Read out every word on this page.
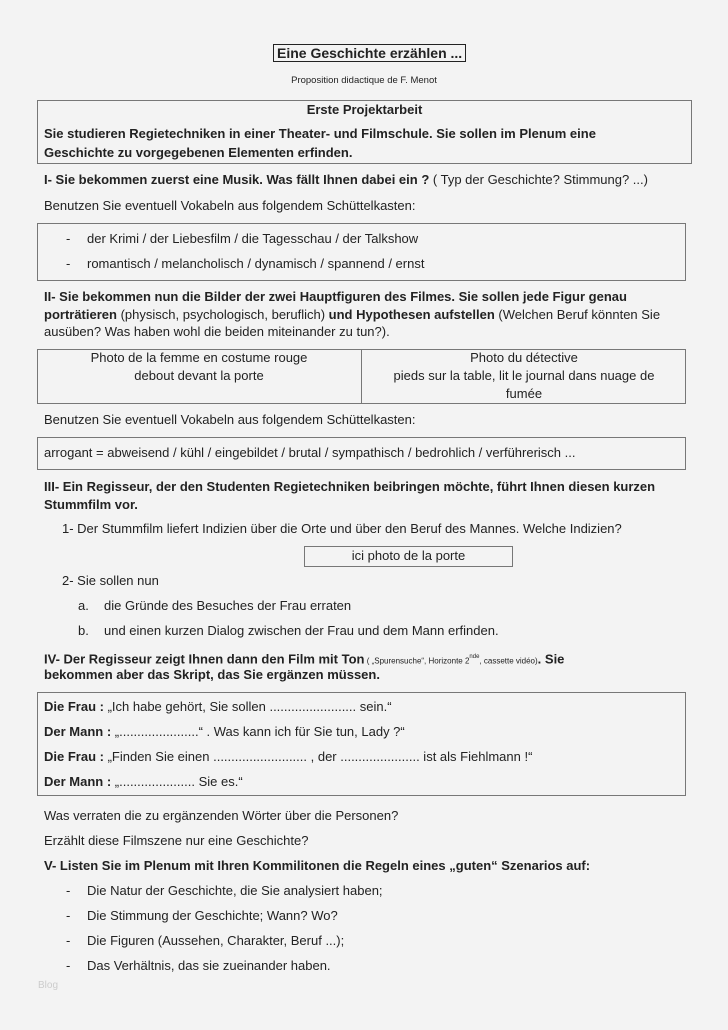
Eine Geschichte erzählen ...
Proposition didactique de F. Menot
Erste Projektarbeit
Sie studieren Regietechniken in einer Theater- und Filmschule. Sie sollen im Plenum eine
Geschichte zu vorgegebenen Elementen erfinden.
I- Sie bekommen zuerst eine Musik. Was fällt Ihnen dabei ein ? ( Typ der Geschichte? Stimmung? ...)
Benutzen Sie eventuell Vokabeln aus folgendem Schüttelkasten:
- der Krimi / der Liebesfilm / die Tagesschau / der Talkshow
- romantisch / melancholisch / dynamisch / spannend / ernst
II- Sie bekommen nun die Bilder der zwei Hauptfiguren des Filmes. Sie sollen jede Figur genau
porträtieren (physisch, psychologisch, beruflich) und Hypothesen aufstellen (Welchen Beruf könnten Sie
ausüben? Was haben wohl die beiden miteinander zu tun?).
Photo de la femme en costume rouge
debout devant la porte
Photo du détective
pieds sur la table, lit le journal dans nuage de
fumée
Benutzen Sie eventuell Vokabeln aus folgendem Schüttelkasten:
arrogant = abweisend / kühl / eingebildet / brutal / sympathisch / bedrohlich / verführerisch ...
III- Ein Regisseur, der den Studenten Regietechniken beibringen möchte, führt Ihnen diesen kurzen
Stummfilm vor.
1- Der Stummfilm liefert Indizien über die Orte und über den Beruf des Mannes. Welche Indizien?
ici photo de la porte
2- Sie sollen nun
a. die Gründe des Besuches der Frau erraten
b. und einen kurzen Dialog zwischen der Frau und dem Mann erfinden.
IV- Der Regisseur zeigt Ihnen dann den Film mit Ton ( „Spurensuche“, Horizonte 2nde, cassette vidéo). Sie
bekommen aber das Skript, das Sie ergänzen müssen.
Die Frau : „Ich habe gehört, Sie sollen ........................ sein.“
Der Mann : „......................“ . Was kann ich für Sie tun, Lady ?“
Die Frau : „Finden Sie einen .......................... , der ...................... ist als Fiehlmann !“
Der Mann : „..................... Sie es.“
Was verraten die zu ergänzenden Wörter über die Personen?
Erzählt diese Filmszene nur eine Geschichte?
V- Listen Sie im Plenum mit Ihren Kommilitonen die Regeln eines „guten“ Szenarios auf:
- Die Natur der Geschichte, die Sie analysiert haben;
- Die Stimmung der Geschichte; Wann? Wo?
- Die Figuren (Aussehen, Charakter, Beruf ...);
- Das Verhältnis, das sie zueinander haben.
Blog
